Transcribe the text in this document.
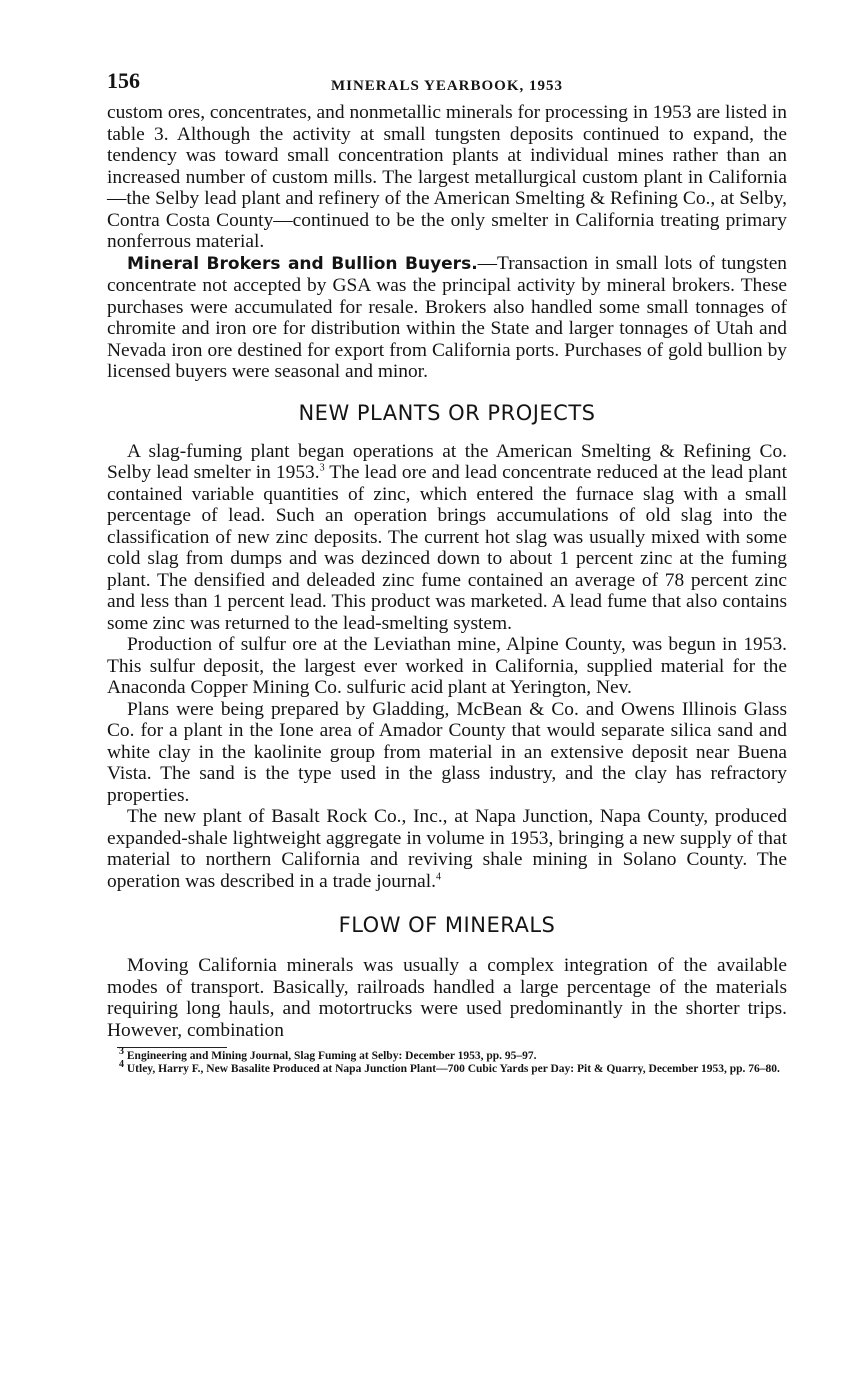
156	MINERALS YEARBOOK, 1953

custom ores, concentrates, and nonmetallic minerals for processing in 1953 are listed in table 3. Although the activity at small tungsten deposits continued to expand, the tendency was toward small concentration plants at individual mines rather than an increased number of custom mills. The largest metallurgical custom plant in California—the Selby lead plant and refinery of the American Smelting & Refining Co., at Selby, Contra Costa County—continued to be the only smelter in California treating primary nonferrous material.

Mineral Brokers and Bullion Buyers.—Transaction in small lots of tungsten concentrate not accepted by GSA was the principal activity by mineral brokers. These purchases were accumulated for resale. Brokers also handled some small tonnages of chromite and iron ore for distribution within the State and larger tonnages of Utah and Nevada iron ore destined for export from California ports. Purchases of gold bullion by licensed buyers were seasonal and minor.

NEW PLANTS OR PROJECTS

A slag-fuming plant began operations at the American Smelting & Refining Co. Selby lead smelter in 1953.$^3$ The lead ore and lead concentrate reduced at the lead plant contained variable quantities of zinc, which entered the furnace slag with a small percentage of lead. Such an operation brings accumulations of old slag into the classification of new zinc deposits. The current hot slag was usually mixed with some cold slag from dumps and was dezinced down to about 1 percent zinc at the fuming plant. The densified and deleaded zinc fume contained an average of 78 percent zinc and less than 1 percent lead. This product was marketed. A lead fume that also contains some zinc was returned to the lead-smelting system.

Production of sulfur ore at the Leviathan mine, Alpine County, was begun in 1953. This sulfur deposit, the largest ever worked in California, supplied material for the Anaconda Copper Mining Co. sulfuric acid plant at Yerington, Nev.

Plans were being prepared by Gladding, McBean & Co. and Owens Illinois Glass Co. for a plant in the Ione area of Amador County that would separate silica sand and white clay in the kaolinite group from material in an extensive deposit near Buena Vista. The sand is the type used in the glass industry, and the clay has refractory properties.

The new plant of Basalt Rock Co., Inc., at Napa Junction, Napa County, produced expanded-shale lightweight aggregate in volume in 1953, bringing a new supply of that material to northern California and reviving shale mining in Solano County. The operation was described in a trade journal.$^4$

FLOW OF MINERALS

Moving California minerals was usually a complex integration of the available modes of transport. Basically, railroads handled a large percentage of the materials requiring long hauls, and motortrucks were used predominantly in the shorter trips. However, combination

$^3$ Engineering and Mining Journal, Slag Fuming at Selby: December 1953, pp. 95–97.

$^4$ Utley, Harry F., New Basalite Produced at Napa Junction Plant—700 Cubic Yards per Day: Pit & Quarry, December 1953, pp. 76–80.
